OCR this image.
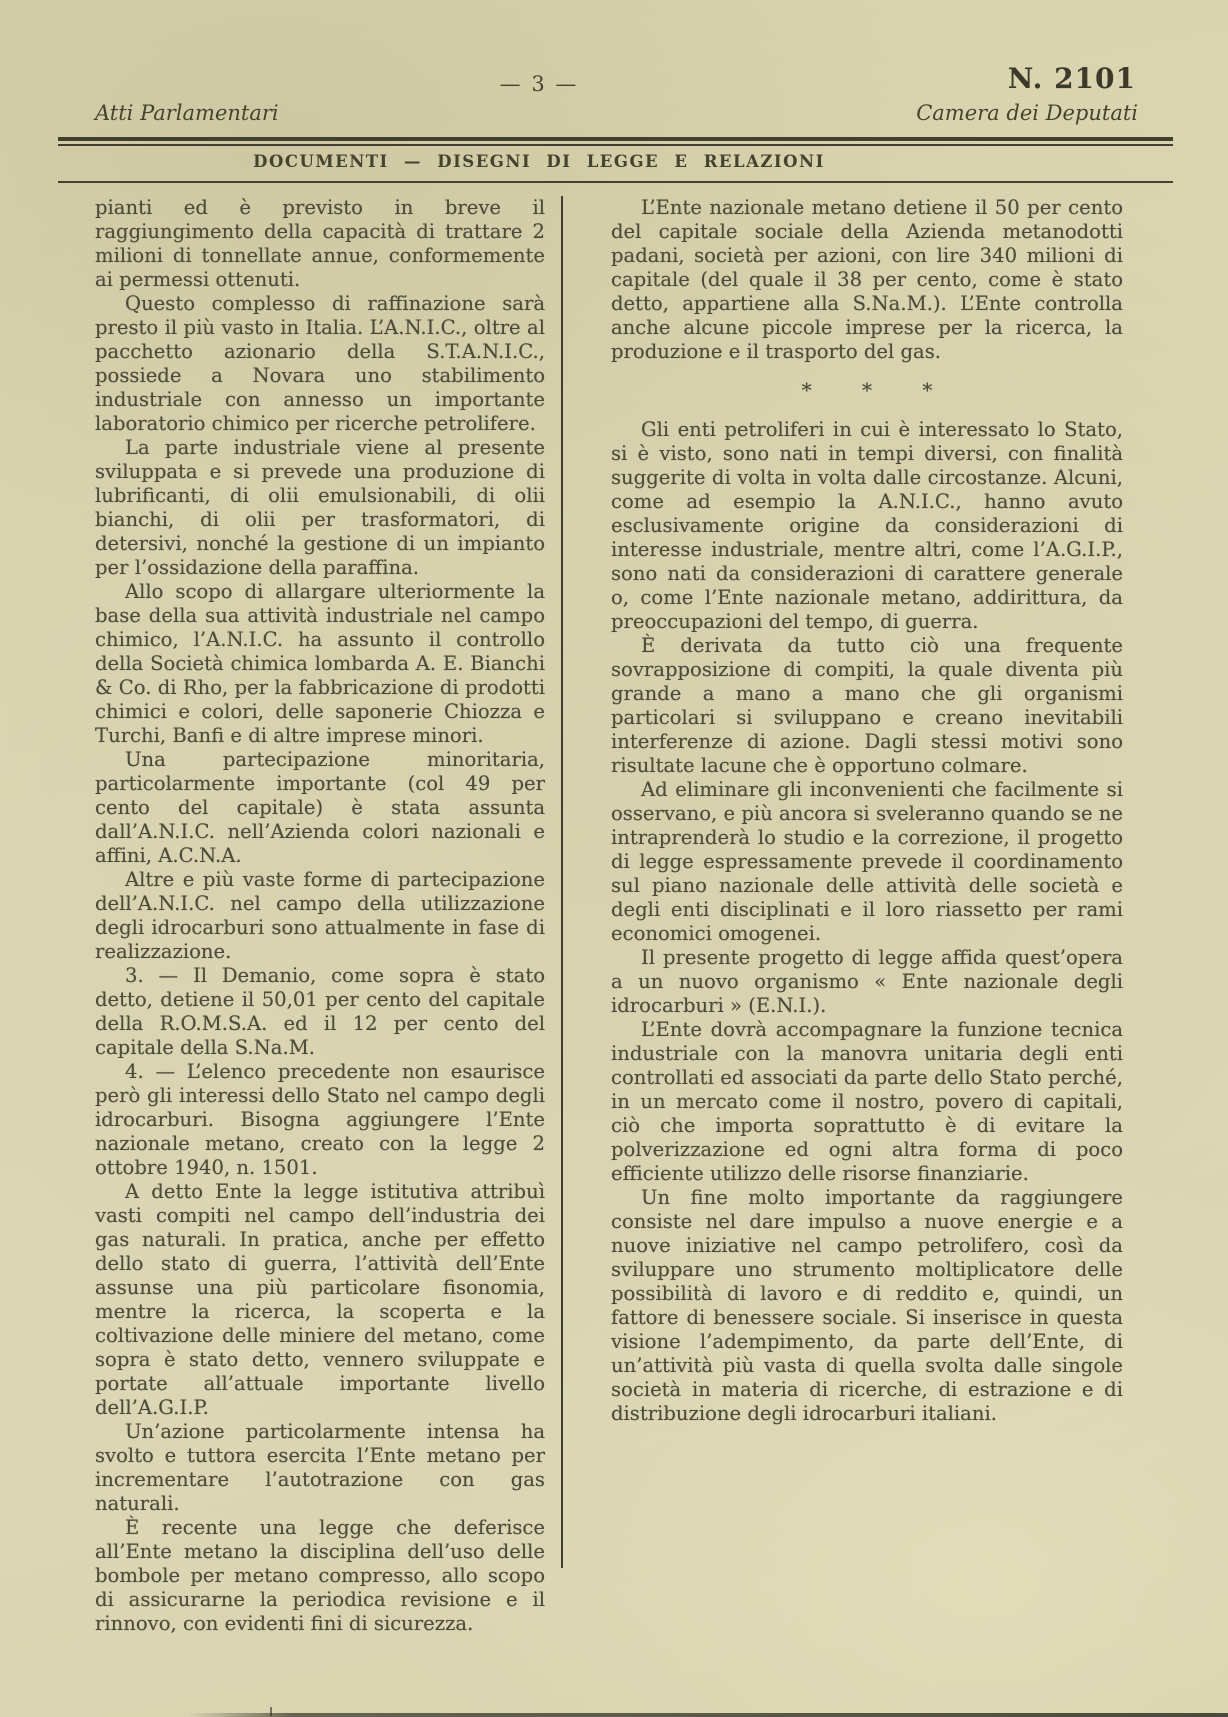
— 3 —	N. 2101
Atti Parlamentari	Camera dei Deputati
DOCUMENTI — DISEGNI DI LEGGE E RELAZIONI

pianti ed è previsto in breve il raggiungimento della capacità di trattare 2 milioni di tonnellate annue, conformemente ai permessi ottenuti.

Questo complesso di raffinazione sarà presto il più vasto in Italia. L’A.N.I.C., oltre al pacchetto azionario della S.T.A.N.I.C., possiede a Novara uno stabilimento industriale con annesso un importante laboratorio chimico per ricerche petrolifere.

La parte industriale viene al presente sviluppata e si prevede una produzione di lubrificanti, di olii emulsionabili, di olii bianchi, di olii per trasformatori, di detersivi, nonché la gestione di un impianto per l’ossidazione della paraffina.

Allo scopo di allargare ulteriormente la base della sua attività industriale nel campo chimico, l’A.N.I.C. ha assunto il controllo della Società chimica lombarda A. E. Bianchi & Co. di Rho, per la fabbricazione di prodotti chimici e colori, delle saponerie Chiozza e Turchi, Banfi e di altre imprese minori.

Una partecipazione minoritaria, particolarmente importante (col 49 per cento del capitale) è stata assunta dall’A.N.I.C. nell’Azienda colori nazionali e affini, A.C.N.A.

Altre e più vaste forme di partecipazione dell’A.N.I.C. nel campo della utilizzazione degli idrocarburi sono attualmente in fase di realizzazione.

3. — Il Demanio, come sopra è stato detto, detiene il 50,01 per cento del capitale della R.O.M.S.A. ed il 12 per cento del capitale della S.Na.M.

4. — L’elenco precedente non esaurisce però gli interessi dello Stato nel campo degli idrocarburi. Bisogna aggiungere l’Ente nazionale metano, creato con la legge 2 ottobre 1940, n. 1501.

A detto Ente la legge istitutiva attribuì vasti compiti nel campo dell’industria dei gas naturali. In pratica, anche per effetto dello stato di guerra, l’attività dell’Ente assunse una più particolare fisonomia, mentre la ricerca, la scoperta e la coltivazione delle miniere del metano, come sopra è stato detto, vennero sviluppate e portate all’attuale importante livello dell’A.G.I.P.

Un’azione particolarmente intensa ha svolto e tuttora esercita l’Ente metano per incrementare l’autotrazione con gas naturali.

È recente una legge che deferisce all’Ente metano la disciplina dell’uso delle bombole per metano compresso, allo scopo di assicurarne la periodica revisione e il rinnovo, con evidenti fini di sicurezza.

L’Ente nazionale metano detiene il 50 per cento del capitale sociale della Azienda metanodotti padani, società per azioni, con lire 340 milioni di capitale (del quale il 38 per cento, come è stato detto, appartiene alla S.Na.M.). L’Ente controlla anche alcune piccole imprese per la ricerca, la produzione e il trasporto del gas.

* * *

Gli enti petroliferi in cui è interessato lo Stato, si è visto, sono nati in tempi diversi, con finalità suggerite di volta in volta dalle circostanze. Alcuni, come ad esempio la A.N.I.C., hanno avuto esclusivamente origine da considerazioni di interesse industriale, mentre altri, come l’A.G.I.P., sono nati da considerazioni di carattere generale o, come l’Ente nazionale metano, addirittura, da preoccupazioni del tempo, di guerra.

È derivata da tutto ciò una frequente sovrapposizione di compiti, la quale diventa più grande a mano a mano che gli organismi particolari si sviluppano e creano inevitabili interferenze di azione. Dagli stessi motivi sono risultate lacune che è opportuno colmare.

Ad eliminare gli inconvenienti che facilmente si osservano, e più ancora si sveleranno quando se ne intraprenderà lo studio e la correzione, il progetto di legge espressamente prevede il coordinamento sul piano nazionale delle attività delle società e degli enti disciplinati e il loro riassetto per rami economici omogenei.

Il presente progetto di legge affida quest’opera a un nuovo organismo « Ente nazionale degli idrocarburi » (E.N.I.).

L’Ente dovrà accompagnare la funzione tecnica industriale con la manovra unitaria degli enti controllati ed associati da parte dello Stato perché, in un mercato come il nostro, povero di capitali, ciò che importa soprattutto è di evitare la polverizzazione ed ogni altra forma di poco efficiente utilizzo delle risorse finanziarie.

Un fine molto importante da raggiungere consiste nel dare impulso a nuove energie e a nuove iniziative nel campo petrolifero, così da sviluppare uno strumento moltiplicatore delle possibilità di lavoro e di reddito e, quindi, un fattore di benessere sociale. Si inserisce in questa visione l’adempimento, da parte dell’Ente, di un’attività più vasta di quella svolta dalle singole società in materia di ricerche, di estrazione e di distribuzione degli idrocarburi italiani.
